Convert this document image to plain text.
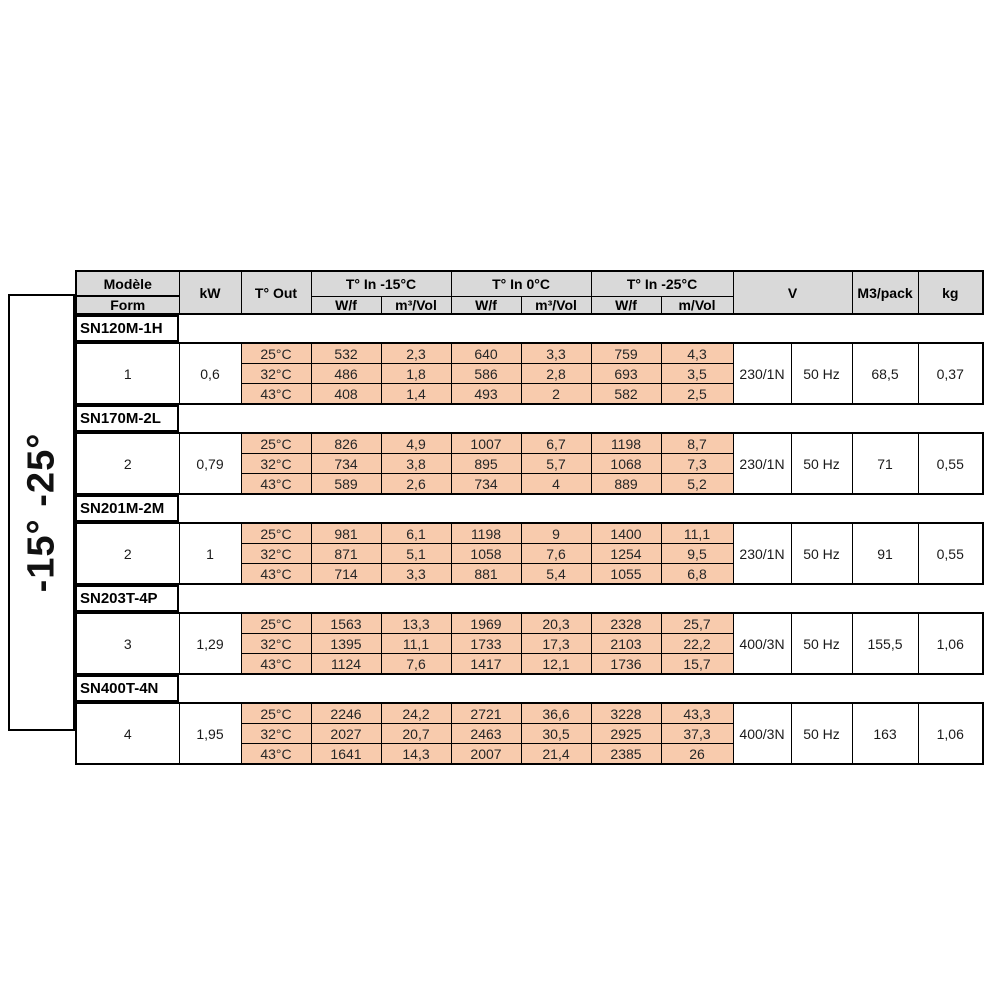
-15° -25°
Modèle	kW	T° Out	T° In -15°C		T° In 0°C		T° In -25°C		V	M3/pack	kg
Form			W/f	m³/Vol	W/f	m³/Vol	W/f	m/Vol			
SN120M-1H
1	0,6	25°C	532	2,3	640	3,3	759	4,3	230/1N	50 Hz	68,5	0,37
		32°C	486	1,8	586	2,8	693	3,5				
		43°C	408	1,4	493	2	582	2,5				
SN170M-2L
2	0,79	25°C	826	4,9	1007	6,7	1198	8,7	230/1N	50 Hz	71	0,55
		32°C	734	3,8	895	5,7	1068	7,3				
		43°C	589	2,6	734	4	889	5,2				
SN201M-2M
2	1	25°C	981	6,1	1198	9	1400	11,1	230/1N	50 Hz	91	0,55
		32°C	871	5,1	1058	7,6	1254	9,5				
		43°C	714	3,3	881	5,4	1055	6,8				
SN203T-4P
3	1,29	25°C	1563	13,3	1969	20,3	2328	25,7	400/3N	50 Hz	155,5	1,06
		32°C	1395	11,1	1733	17,3	2103	22,2				
		43°C	1124	7,6	1417	12,1	1736	15,7				
SN400T-4N
4	1,95	25°C	2246	24,2	2721	36,6	3228	43,3	400/3N	50 Hz	163	1,06
		32°C	2027	20,7	2463	30,5	2925	37,3				
		43°C	1641	14,3	2007	21,4	2385	26				
